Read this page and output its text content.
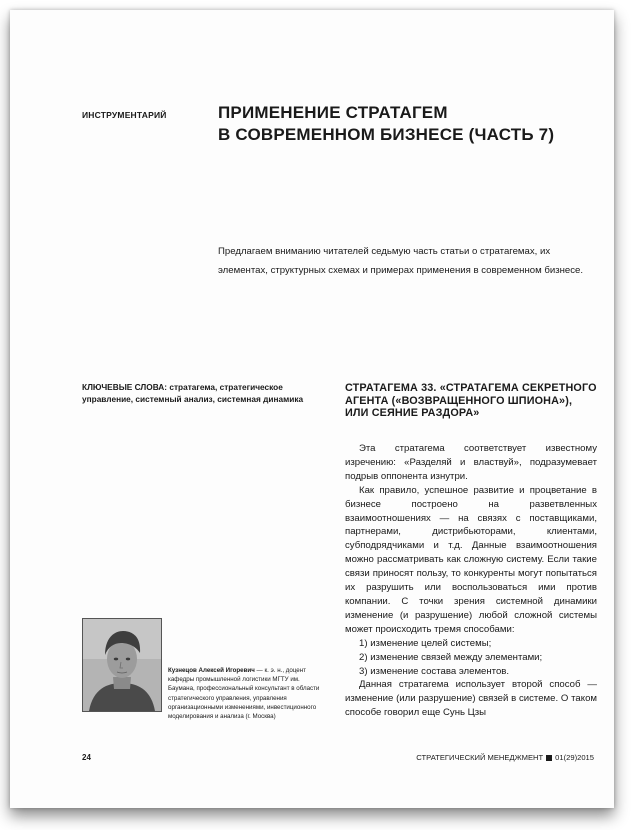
ИНСТРУМЕНТАРИЙ	ПРИМЕНЕНИЕ СТРАТАГЕМ
В СОВРЕМЕННОМ БИЗНЕСЕ (ЧАСТЬ 7)

Предлагаем вниманию читателей седьмую часть статьи о стратагемах, их элементах, структурных схемах и примерах применения в современном бизнесе.

КЛЮЧЕВЫЕ СЛОВА: стратагема, стратегическое управление, системный анализ, системная динамика

Кузнецов Алексей Игоревич — к. э. н., доцент кафедры промышленной логистики МГТУ им. Баумана, профессиональный консультант в области стратегического управления, управления организационными изменениями, инвестиционного моделирования и анализа (г. Москва)

СТРАТАГЕМА 33. «СТРАТАГЕМА СЕКРЕТНОГО
АГЕНТА («ВОЗВРАЩЕННОГО ШПИОНА»),
ИЛИ СЕЯНИЕ РАЗДОРА»

Эта стратагема соответствует известному изречению: «Разделяй и властвуй», подразумевает подрыв оппонента изнутри.

Как правило, успешное развитие и процветание в бизнесе построено на разветвленных взаимоотношениях — на связях с поставщиками, партнерами, дистрибьюторами, клиентами, субподрядчиками и т.д. Данные взаимоотношения можно рассматривать как сложную систему. Если такие связи приносят пользу, то конкуренты могут попытаться их разрушить или воспользоваться ими против компании. С точки зрения системной динамики изменение (и разрушение) любой сложной системы может происходить тремя способами:

1) изменение целей системы;

2) изменение связей между элементами;

3) изменение состава элементов.

Данная стратагема использует второй способ — изменение (или разрушение) связей в системе. О таком способе говорил еще Сунь Цзы

24	СТРАТЕГИЧЕСКИЙ МЕНЕДЖМЕНТ 01(29)2015
